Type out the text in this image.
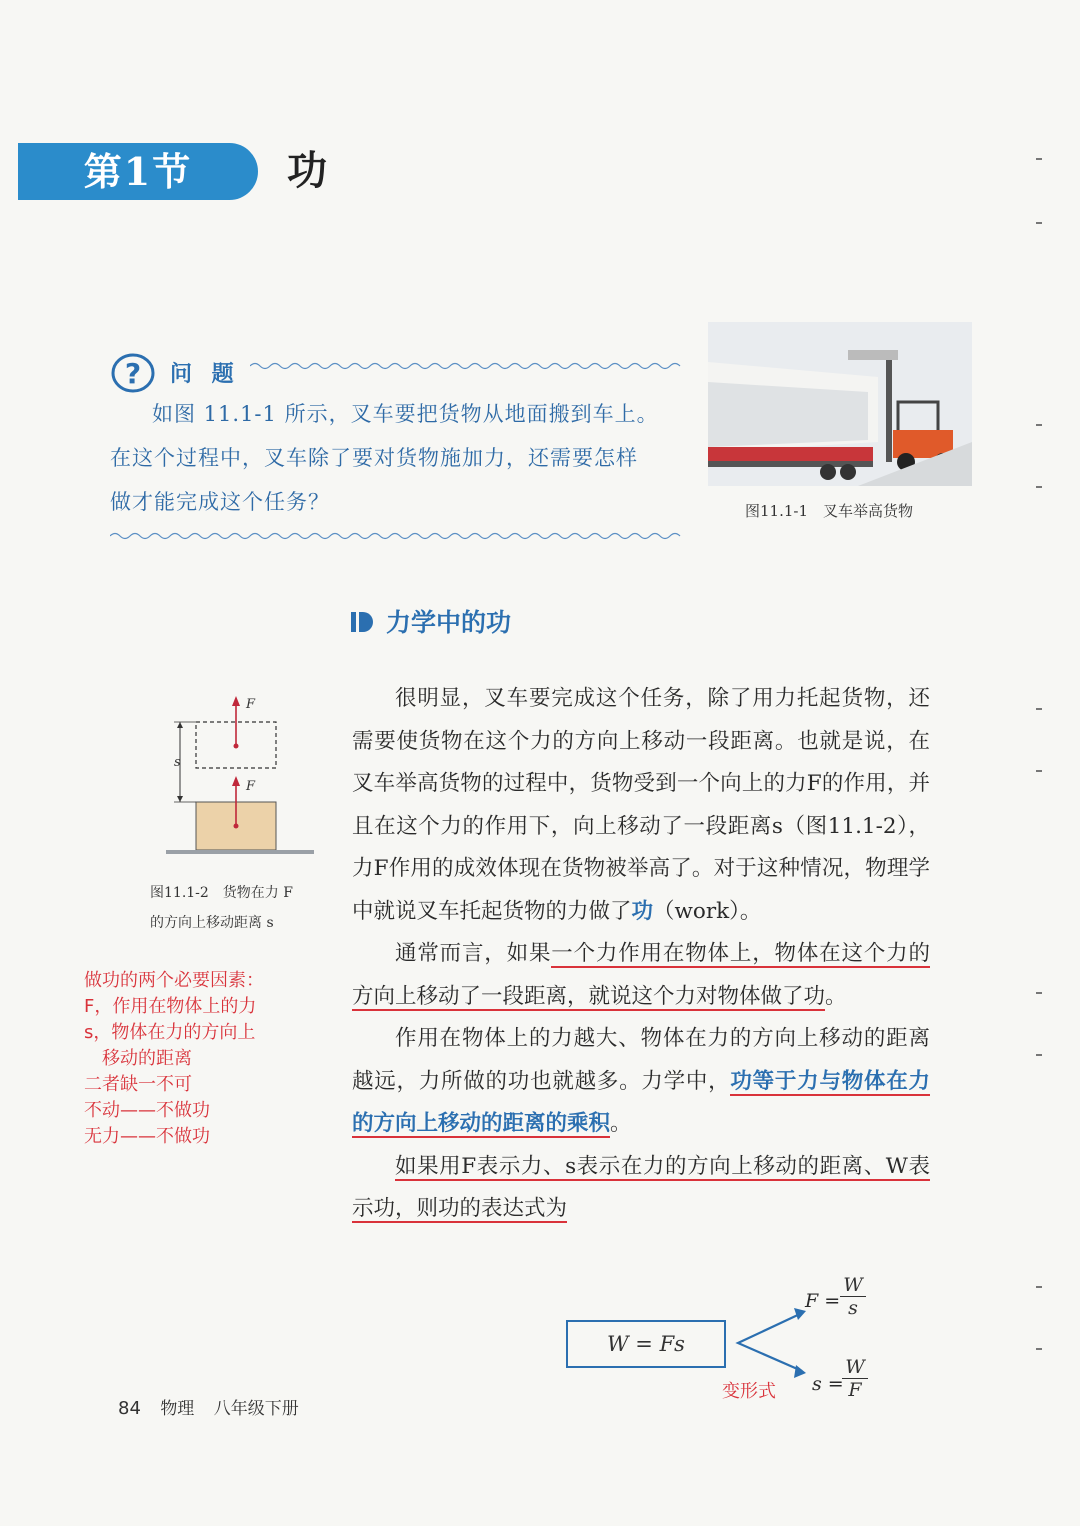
第1节	功
? 问 题

如图 11.1-1 所示，叉车要把货物从地面搬到车上。

在这个过程中，叉车除了要对货物施加力，还需要怎样

做才能完成这个任务？	图11.1-1　叉车举高货物
力学中的功
F
F
s

图11.1-2　货物在力 F

的方向上移动距离 s

做功的两个必要因素：

F，作用在物体上的力

s，物体在力的方向上

　移动的距离

二者缺一不可

不动——不做功

无力——不做功

很明显，叉车要完成这个任务，除了用力托起货物，还需要使货物在这个力的方向上移动一段距离。也就是说，在叉车举高货物的过程中，货物受到一个向上的力F的作用，并且在这个力的作用下，向上移动了一段距离s（图11.1-2），力F作用的成效体现在货物被举高了。对于这种情况，物理学中就说叉车托起货物的力做了功（work）。

通常而言，如果一个力作用在物体上，物体在这个力的方向上移动了一段距离，就说这个力对物体做了功。

作用在物体上的力越大、物体在力的方向上移动的距离越远，力所做的功也就越多。力学中，功等于力与物体在力的方向上移动的距离的乘积。

如果用F表示力、s表示在力的方向上移动的距离、W表示功，则功的表达式为

W = Fs
$F = \frac{W}{s}$
s =
$\frac{W}{F}$
变形式
84 物理 八年级下册
